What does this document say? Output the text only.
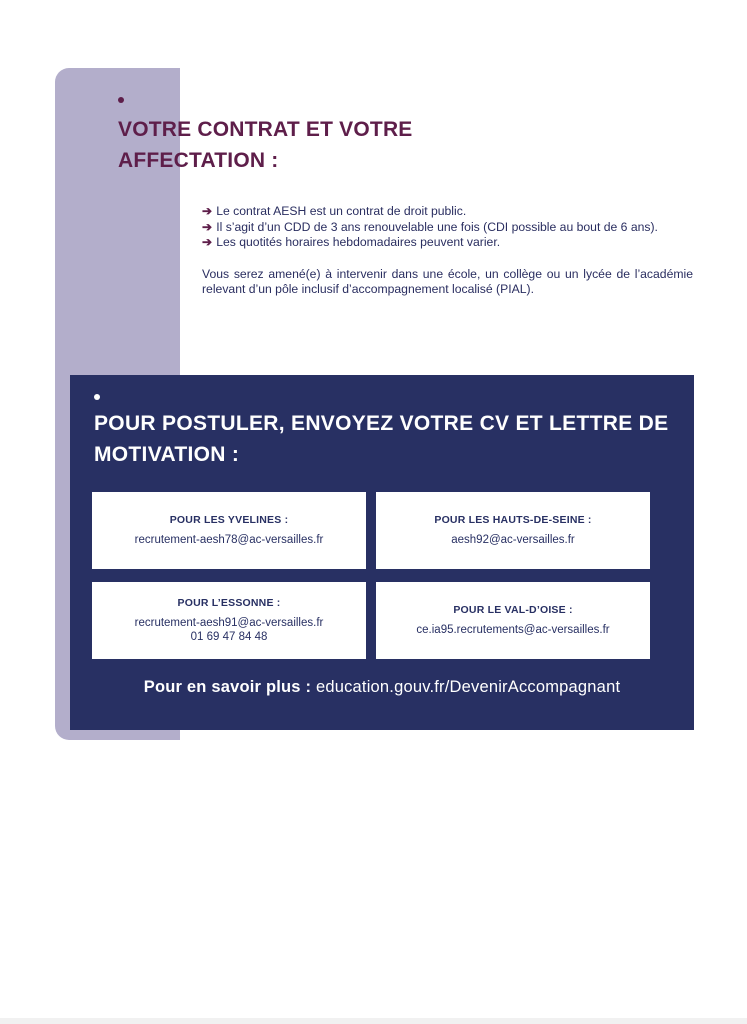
VOTRE CONTRAT ET VOTRE AFFECTATION :
➔ Le contrat AESH est un contrat de droit public.
➔ Il s’agit d’un CDD de 3 ans renouvelable une fois (CDI possible au bout de 6 ans).
➔ Les quotités horaires hebdomadaires peuvent varier.
Vous serez amené(e) à intervenir dans une école, un collège ou un lycée de l’académie relevant d’un pôle inclusif d’accompagnement localisé (PIAL).
POUR POSTULER, ENVOYEZ VOTRE CV ET LETTRE DE MOTIVATION :
POUR LES YVELINES :
recrutement-aesh78@ac-versailles.fr
POUR LES HAUTS-DE-SEINE :
aesh92@ac-versailles.fr
POUR L’ESSONNE :
recrutement-aesh91@ac-versailles.fr
01 69 47 84 48
POUR LE VAL-D’OISE :
ce.ia95.recrutements@ac-versailles.fr
Pour en savoir plus : education.gouv.fr/DevenirAccompagnant
